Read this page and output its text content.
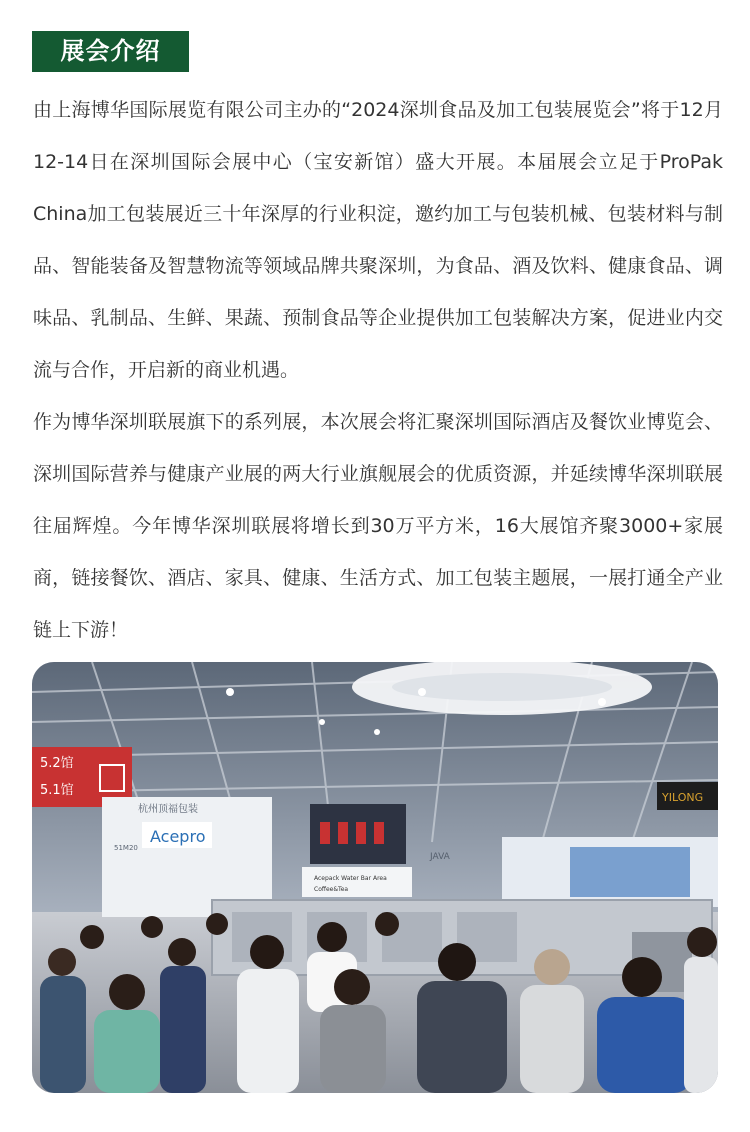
展会介绍

由上海博华国际展览有限公司主办的“2024深圳食品及加工包装展览会”将于12月12-14日在深圳国际会展中心（宝安新馆）盛大开展。本届展会立足于ProPak China加工包装展近三十年深厚的行业积淀，邀约加工与包装机械、包装材料与制品、智能装备及智慧物流等领域品牌共聚深圳，为食品、酒及饮料、健康食品、调味品、乳制品、生鲜、果蔬、预制食品等企业提供加工包装解决方案，促进业内交流与合作，开启新的商业机遇。

作为博华深圳联展旗下的系列展，本次展会将汇聚深圳国际酒店及餐饮业博览会、深圳国际营养与健康产业展的两大行业旗舰展会的优质资源，并延续博华深圳联展往届辉煌。今年博华深圳联展将增长到30万平方米，16大展馆齐聚3000+家展商，链接餐饮、酒店、家具、健康、生活方式、加工包装主题展，一展打通全产业链上下游！

5.2馆
5.1馆
Acepro
杭州顶福包装
51M20
Acepack Water Bar Area
Coffee&Tea
JAVA
YILONG
